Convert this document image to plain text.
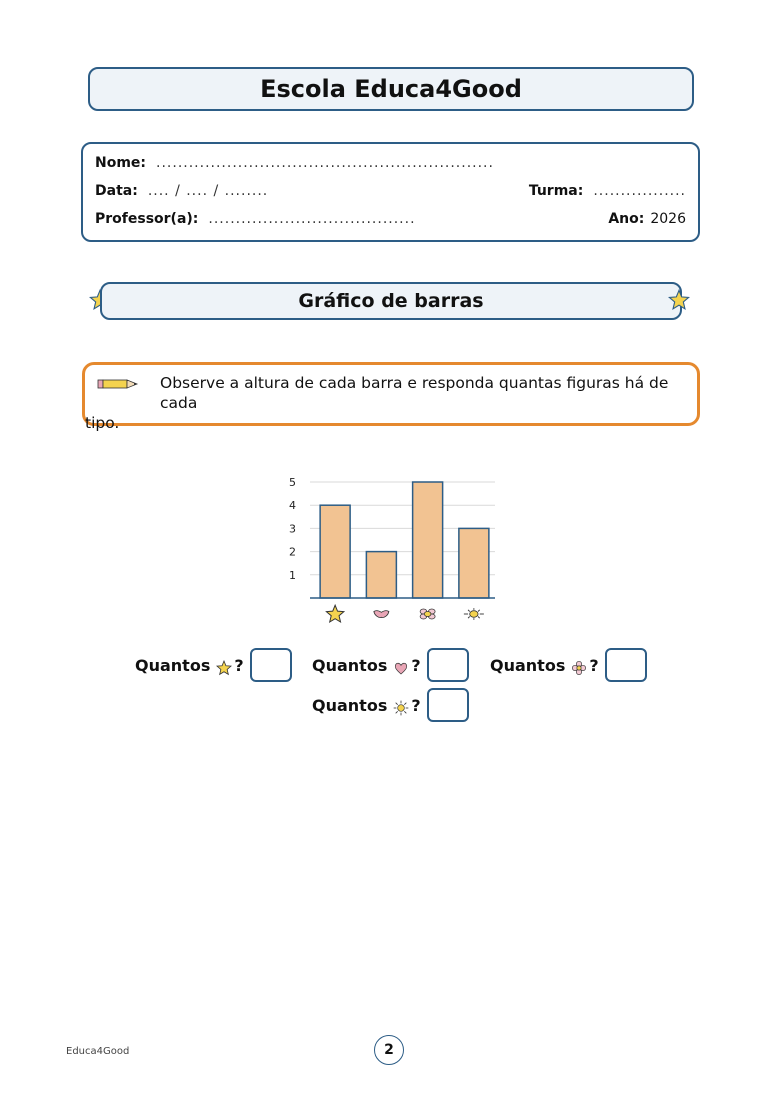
Escola Educa4Good
Nome: ..............................................................
Data: .... / .... / ........	Turma: .................
Professor(a): ......................................	Ano: 2026
Gráfico de barras
Observe a altura de cada barra e responda quantas figuras há de cada
tipo.
1
2
3
4
5
Quantos ?	Quantos ?	Quantos ?
Quantos ?
Educa4Good	2
